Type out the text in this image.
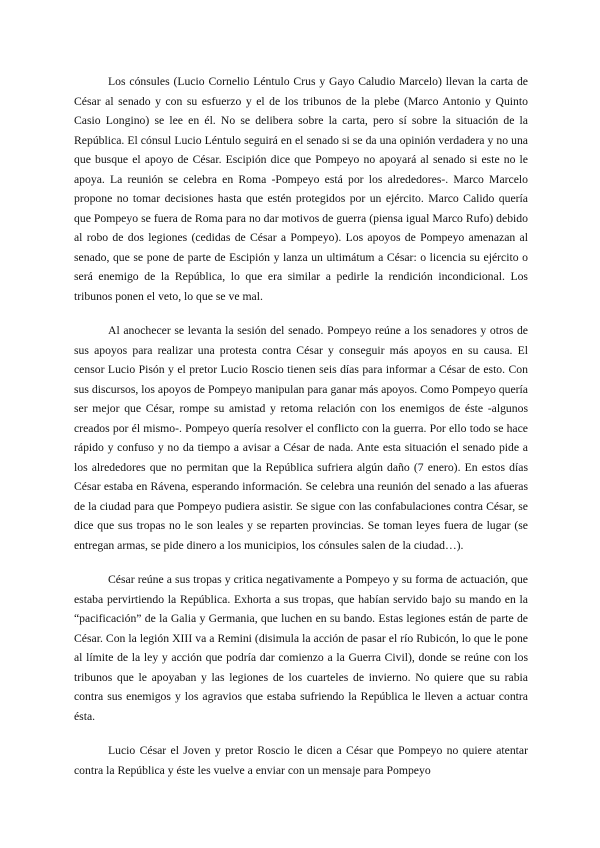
Los cónsules (Lucio Cornelio Léntulo Crus y Gayo Caludio Marcelo) llevan la carta de César al senado y con su esfuerzo y el de los tribunos de la plebe (Marco Antonio y Quinto Casio Longino) se lee en él. No se delibera sobre la carta, pero sí sobre la situación de la República. El cónsul Lucio Léntulo seguirá en el senado si se da una opinión verdadera y no una que busque el apoyo de César. Escipión dice que Pompeyo no apoyará al senado si este no le apoya. La reunión se celebra en Roma -Pompeyo está por los alrededores-. Marco Marcelo propone no tomar decisiones hasta que estén protegidos por un ejército. Marco Calido quería que Pompeyo se fuera de Roma para no dar motivos de guerra (piensa igual Marco Rufo) debido al robo de dos legiones (cedidas de César a Pompeyo). Los apoyos de Pompeyo amenazan al senado, que se pone de parte de Escipión y lanza un ultimátum a César: o licencia su ejército o será enemigo de la República, lo que era similar a pedirle la rendición incondicional. Los tribunos ponen el veto, lo que se ve mal.

Al anochecer se levanta la sesión del senado. Pompeyo reúne a los senadores y otros de sus apoyos para realizar una protesta contra César y conseguir más apoyos en su causa. El censor Lucio Pisón y el pretor Lucio Roscio tienen seis días para informar a César de esto. Con sus discursos, los apoyos de Pompeyo manipulan para ganar más apoyos. Como Pompeyo quería ser mejor que César, rompe su amistad y retoma relación con los enemigos de éste -algunos creados por él mismo-. Pompeyo quería resolver el conflicto con la guerra. Por ello todo se hace rápido y confuso y no da tiempo a avisar a César de nada. Ante esta situación el senado pide a los alrededores que no permitan que la República sufriera algún daño (7 enero). En estos días César estaba en Rávena, esperando información. Se celebra una reunión del senado a las afueras de la ciudad para que Pompeyo pudiera asistir. Se sigue con las confabulaciones contra César, se dice que sus tropas no le son leales y se reparten provincias. Se toman leyes fuera de lugar (se entregan armas, se pide dinero a los municipios, los cónsules salen de la ciudad…).

César reúne a sus tropas y critica negativamente a Pompeyo y su forma de actuación, que estaba pervirtiendo la República. Exhorta a sus tropas, que habían servido bajo su mando en la “pacificación” de la Galia y Germania, que luchen en su bando. Estas legiones están de parte de César. Con la legión XIII va a Remini (disimula la acción de pasar el río Rubicón, lo que le pone al límite de la ley y acción que podría dar comienzo a la Guerra Civil), donde se reúne con los tribunos que le apoyaban y las legiones de los cuarteles de invierno. No quiere que su rabia contra sus enemigos y los agravios que estaba sufriendo la República le lleven a actuar contra ésta.

Lucio César el Joven y pretor Roscio le dicen a César que Pompeyo no quiere atentar contra la República y éste les vuelve a enviar con un mensaje para Pompeyo
